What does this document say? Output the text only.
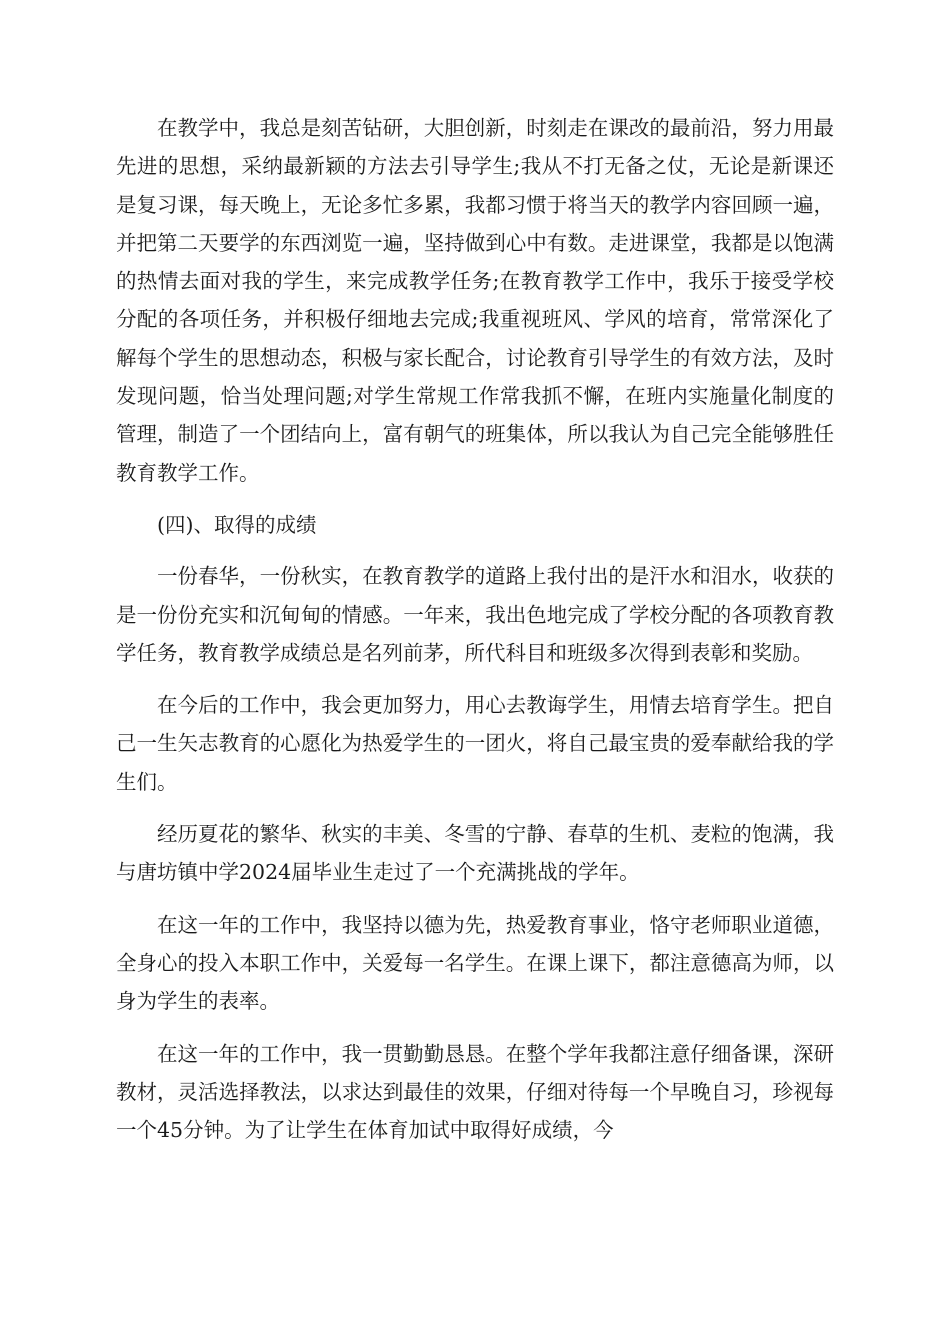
在教学中，我总是刻苦钻研，大胆创新，时刻走在课改的最前沿，努力用最先进的思想，采纳最新颖的方法去引导学生;我从不打无备之仗，无论是新课还是复习课，每天晚上，无论多忙多累，我都习惯于将当天的教学内容回顾一遍，并把第二天要学的东西浏览一遍，坚持做到心中有数。走进课堂，我都是以饱满的热情去面对我的学生，来完成教学任务;在教育教学工作中，我乐于接受学校分配的各项任务，并积极仔细地去完成;我重视班风、学风的培育，常常深化了解每个学生的思想动态，积极与家长配合，讨论教育引导学生的有效方法，及时发现问题，恰当处理问题;对学生常规工作常我抓不懈，在班内实施量化制度的管理，制造了一个团结向上，富有朝气的班集体，所以我认为自己完全能够胜任教育教学工作。

(四)、取得的成绩

一份春华，一份秋实，在教育教学的道路上我付出的是汗水和泪水，收获的是一份份充实和沉甸甸的情感。一年来，我出色地完成了学校分配的各项教育教学任务，教育教学成绩总是名列前茅，所代科目和班级多次得到表彰和奖励。

在今后的工作中，我会更加努力，用心去教诲学生，用情去培育学生。把自己一生矢志教育的心愿化为热爱学生的一团火，将自己最宝贵的爱奉献给我的学生们。

经历夏花的繁华、秋实的丰美、冬雪的宁静、春草的生机、麦粒的饱满，我与唐坊镇中学2024届毕业生走过了一个充满挑战的学年。

在这一年的工作中，我坚持以德为先，热爱教育事业，恪守老师职业道德，全身心的投入本职工作中，关爱每一名学生。在课上课下，都注意德高为师，以身为学生的表率。

在这一年的工作中，我一贯勤勤恳恳。在整个学年我都注意仔细备课，深研教材，灵活选择教法，以求达到最佳的效果，仔细对待每一个早晚自习，珍视每一个45分钟。为了让学生在体育加试中取得好成绩，今
